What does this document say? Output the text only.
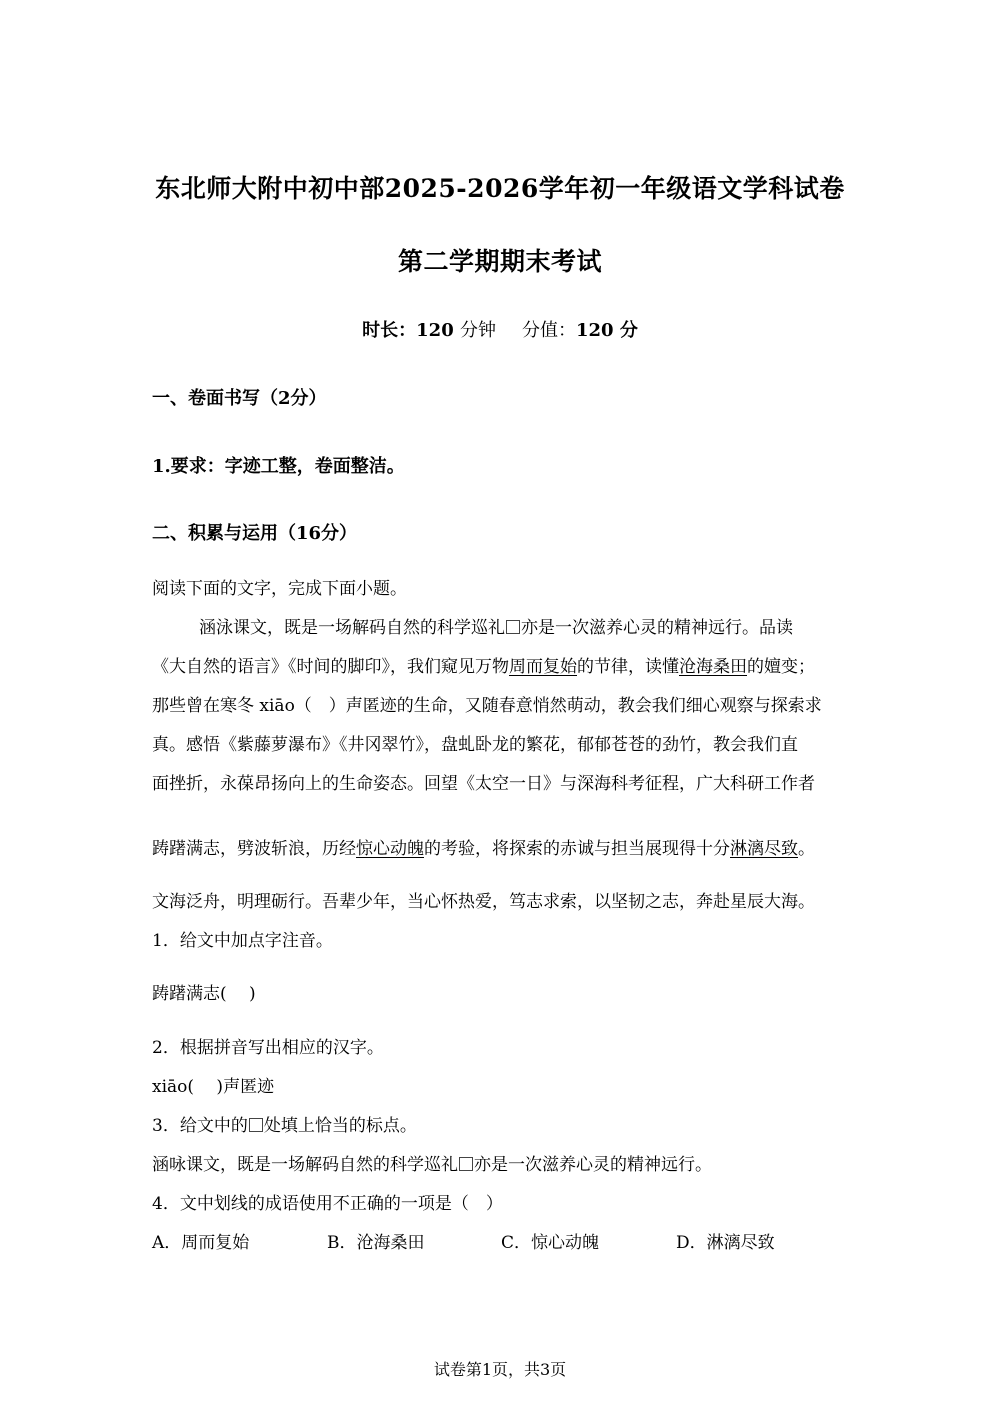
东北师大附中初中部2025-2026学年初一年级语文学科试卷
第二学期期末考试
时长：120 分钟 分值：120 分
一、卷面书写（2分）
1.要求：字迹工整，卷面整洁。
二、积累与运用（16分）
阅读下面的文字，完成下面小题。
涵泳课文，既是一场解码自然的科学巡礼 亦是一次滋养心灵的精神远行。品读
《大自然的语言》《时间的脚印》，我们窥见万物周而复始的节律，读懂沧海桑田的嬗变；
那些曾在寒冬 xiāo（　）声匿迹的生命，又随春意悄然萌动，教会我们细心观察与探索求
真。感悟《紫藤萝瀑布》《井冈翠竹》，盘虬卧龙的繁花，郁郁苍苍的劲竹，教会我们直
面挫折，永葆昂扬向上的生命姿态。回望《太空一日》与深海科考征程，广大科研工作者
踌躇满志，劈波斩浪，历经惊心动魄的考验，将探索的赤诚与担当展现得十分淋漓尽致。
文海泛舟，明理砺行。吾辈少年，当心怀热爱，笃志求索，以坚韧之志，奔赴星辰大海。
1．给文中加点字注音。
踌躇满志(　 )
2．根据拼音写出相应的汉字。
xiāo(　 )声匿迹
3．给文中的 处填上恰当的标点。
涵咏课文，既是一场解码自然的科学巡礼 亦是一次滋养心灵的精神远行。
4．文中划线的成语使用不正确的一项是（　）
A．周而复始	B．沧海桑田	C．惊心动魄	D．淋漓尽致
试卷第1页，共3页
